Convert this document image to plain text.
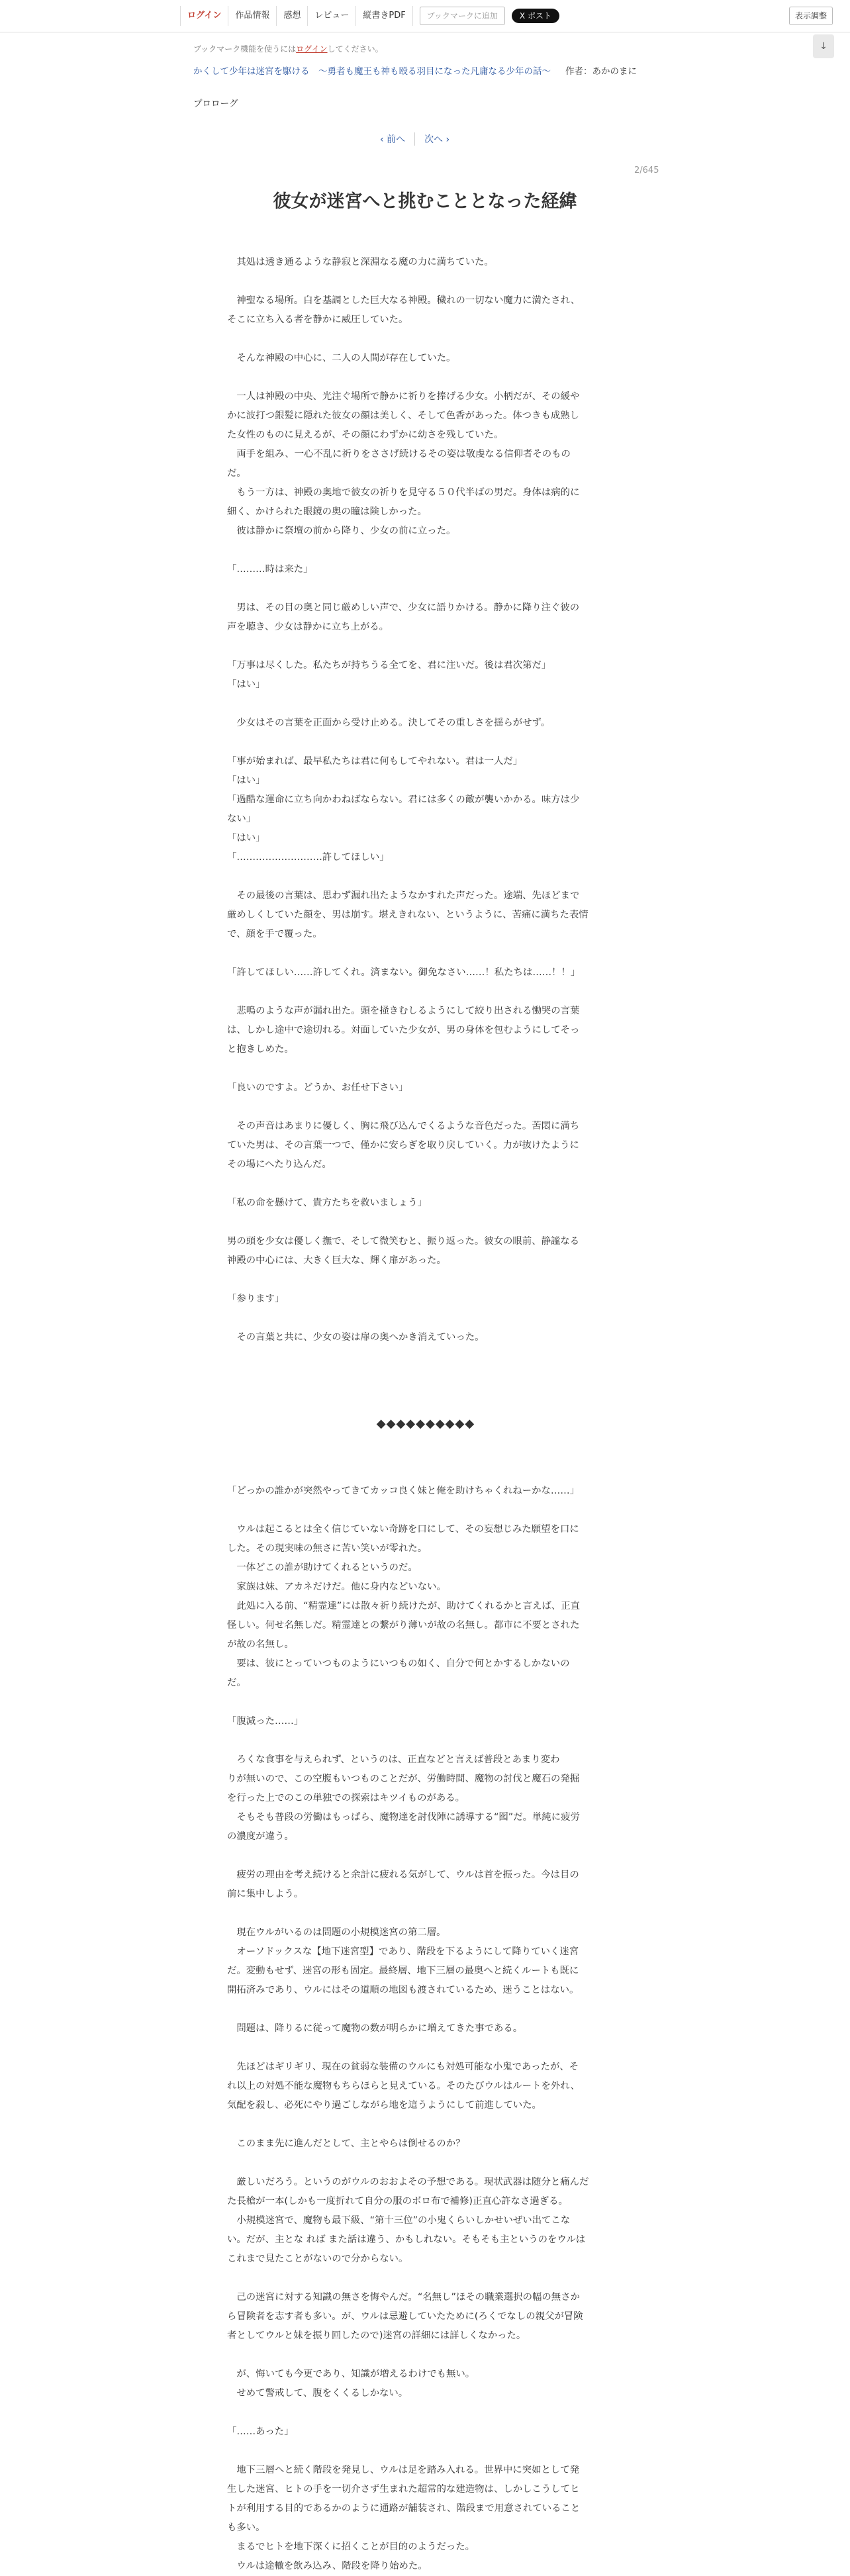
ログイン	作品情報	感想	レビュー	縦書きPDF	ブックマークに追加	X ポスト	表示調整
ブックマーク機能を使うにはログインしてください。	↓
かくして少年は迷宮を駆ける　〜勇者も魔王も神も殴る羽目になった凡庸なる少年の話〜 作者：あかのまに
プロローグ
‹ 前へ	次へ ›
2/645
彼女が迷宮へと挑むこととなった経緯
　其処は透き通るような静寂と深淵なる魔の力に満ちていた。
　神聖なる場所。白を基調とした巨大なる神殿。穢れの一切ない魔力に満たされ、
そこに立ち入る者を静かに威圧していた。
　そんな神殿の中心に、二人の人間が存在していた。
　一人は神殿の中央、光注ぐ場所で静かに祈りを捧げる少女。小柄だが、その緩や
かに波打つ銀髪に隠れた彼女の顔は美しく、そして色香があった。体つきも成熟し
た女性のものに見えるが、その顔にわずかに幼さを残していた。
　両手を組み、一心不乱に祈りをささげ続けるその姿は敬虔なる信仰者そのもの
だ。
　もう一方は、神殿の奥地で彼女の祈りを見守る５０代半ばの男だ。身体は病的に
細く、かけられた眼鏡の奥の瞳は険しかった。
　彼は静かに祭壇の前から降り、少女の前に立った。
「………時は来た」
　男は、その目の奥と同じ厳めしい声で、少女に語りかける。静かに降り注ぐ彼の
声を聴き、少女は静かに立ち上がる。
「万事は尽くした。私たちが持ちうる全てを、君に注いだ。後は君次第だ」
「はい」
　少女はその言葉を正面から受け止める。決してその重しさを揺らがせず。
「事が始まれば、最早私たちは君に何もしてやれない。君は一人だ」
「はい」
「過酷な運命に立ち向かわねばならない。君には多くの敵が襲いかかる。味方は少
ない」
「はい」
「………………………許してほしい」
　その最後の言葉は、思わず漏れ出たようなかすれた声だった。途端、先ほどまで
厳めしくしていた顔を、男は崩す。堪えきれない、というように、苦痛に満ちた表情
で、顔を手で覆った。
「許してほしい……許してくれ。済まない。御免なさい……！私たちは……！！」
　悲鳴のような声が漏れ出た。頭を掻きむしるようにして絞り出される慟哭の言葉
は、しかし途中で途切れる。対面していた少女が、男の身体を包むようにしてそっ
と抱きしめた。
「良いのですよ。どうか、お任せ下さい」
　その声音はあまりに優しく、胸に飛び込んでくるような音色だった。苦悶に満ち
ていた男は、その言葉一つで、僅かに安らぎを取り戻していく。力が抜けたように
その場にへたり込んだ。
「私の命を懸けて、貴方たちを救いましょう」
男の頭を少女は優しく撫で、そして微笑むと、振り返った。彼女の眼前、静謐なる
神殿の中心には、大きく巨大な、輝く扉があった。
「参ります」
　その言葉と共に、少女の姿は扉の奥へかき消えていった。
◆◆◆◆◆◆◆◆◆◆
「どっかの誰かが突然やってきてカッコ良く妹と俺を助けちゃくれねーかな……」
　ウルは起こるとは全く信じていない奇跡を口にして、その妄想じみた願望を口に
した。その現実味の無さに苦い笑いが零れた。
　一体どこの誰が助けてくれるというのだ。
　家族は妹、アカネだけだ。他に身内などいない。
　此処に入る前、“精霊達”には散々祈り続けたが、助けてくれるかと言えば、正直
怪しい。何せ名無しだ。精霊達との繋がり薄いが故の名無し。都市に不要とされた
が故の名無し。
　要は、彼にとっていつものようにいつもの如く、自分で何とかするしかないの
だ。
「腹減った……」
　ろくな食事を与えられず、というのは、正直などと言えば普段とあまり変わ
りが無いので、この空腹もいつものことだが、労働時間、魔物の討伐と魔石の発掘
を行った上でのこの単独での探索はキツイものがある。
　そもそも普段の労働はもっぱら、魔物達を討伐陣に誘導する“囮”だ。単純に疲労
の濃度が違う。
　疲労の理由を考え続けると余計に疲れる気がして、ウルは首を振った。今は目の
前に集中しよう。
　現在ウルがいるのは問題の小規模迷宮の第二層。
　オーソドックスな【地下迷宮型】であり、階段を下るようにして降りていく迷宮
だ。変動もせず、迷宮の形も固定。最終層、地下三層の最奥へと続くルートも既に
開拓済みであり、ウルにはその道順の地図も渡されているため、迷うことはない。
　問題は、降りるに従って魔物の数が明らかに増えてきた事である。
　先ほどはギリギリ、現在の貧弱な装備のウルにも対処可能な小鬼であったが、そ
れ以上の対処不能な魔物もちらほらと見えている。そのたびウルはルートを外れ、
気配を殺し、必死にやり過ごしながら地を這うようにして前進していた。
　このまま先に進んだとして、主とやらは倒せるのか？
　厳しいだろう。というのがウルのおおよその予想である。現状武器は随分と痛んだ
た長槍が一本(しかも一度折れて自分の服のボロ布で補修)正直心許なさ過ぎる。
　小規模迷宮で、魔物も最下級、“第十三位”の小鬼くらいしかせいぜい出てこな
い。だが、主とな れば また話は違う、かもしれない。そもそも主というのをウルは
これまで見たことがないので分からない。
　己の迷宮に対する知識の無さを悔やんだ。“名無し”ほその職業選択の幅の無さか
ら冒険者を志す者も多い。が、ウルは忌避していたために(ろくでなしの親父が冒険
者としてウルと妹を振り回したので)迷宮の詳細には詳しくなかった。
　が、悔いても今更であり、知識が増えるわけでも無い。
　せめて警戒して、腹をくくるしかない。
「……あった」
　地下三層へと続く階段を発見し、ウルは足を踏み入れる。世界中に突如として発
生した迷宮、ヒトの手を一切介さず生まれた超常的な建造物は、しかしこうしてヒ
トが利用する目的であるかのように通路が舗装され、階段まで用意されていること
も多い。
　まるでヒトを地下深くに招くことが目的のようだった。
　ウルは途轍を飲み込み、階段を降り始めた。
